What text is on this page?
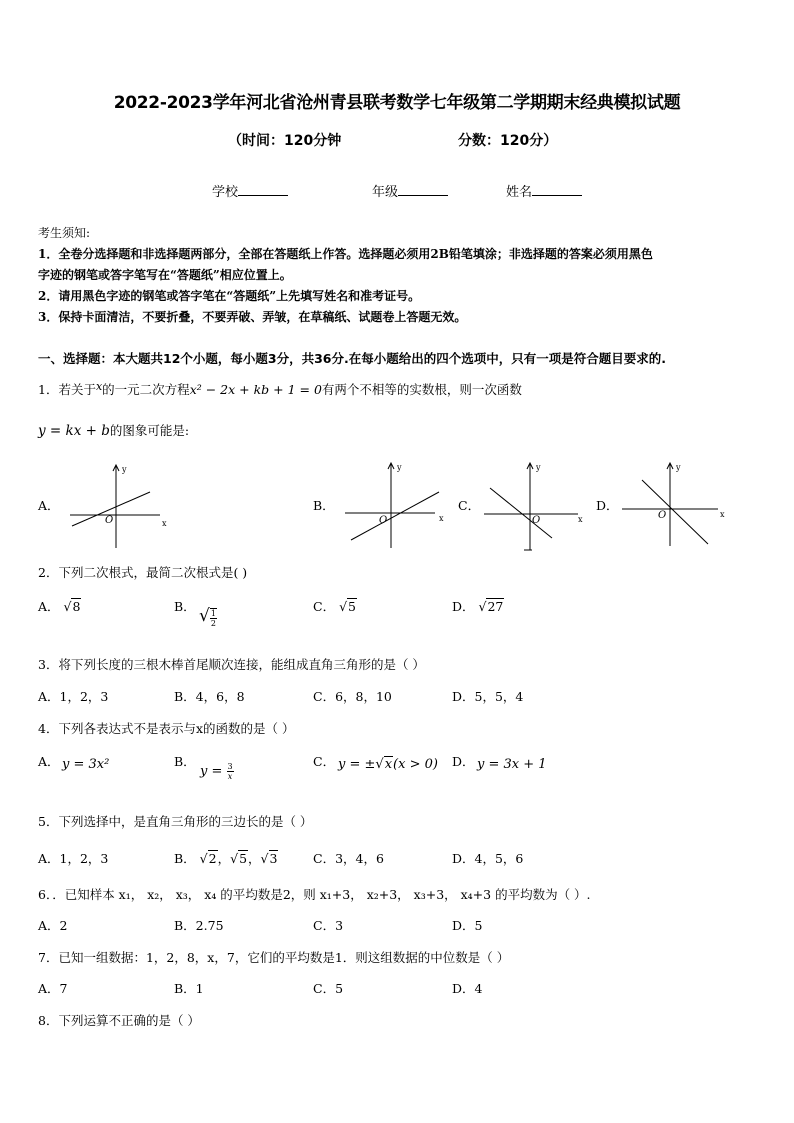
2022-2023学年河北省沧州青县联考数学七年级第二学期期末经典模拟试题
（时间：120分钟	分数：120分）
学校	年级	姓名
考生须知:
1．全卷分选择题和非选择题两部分，全部在答题纸上作答。选择题必须用2B铅笔填涂；非选择题的答案必须用黑色
字迹的钢笔或答字笔写在“答题纸”相应位置上。
2．请用黑色字迹的钢笔或答字笔在“答题纸”上先填写姓名和准考证号。
3．保持卡面清洁，不要折叠，不要弄破、弄皱，在草稿纸、试题卷上答题无效。
一、选择题：本大题共12个小题，每小题3分，共36分.在每小题给出的四个选项中，只有一项是符合题目要求的.
1．若关于x的一元二次方程x² − 2x + kb + 1 = 0有两个不相等的实数根，则一次函数
y = kx + b的图象可能是:
A．
y
x
O
B．
y
x
O
C．
y
x
O
D．
y
x
O
2．下列二次根式，最简二次根式是( )
A． √8	B． √ $\frac{1}{2}$
C． √5	D． √27
3．将下列长度的三根木棒首尾顺次连接，能组成直角三角形的是（ ）
A．1，2，3	B．4，6，8	C．6，8，10	D．5，5，4
4．下列各表达式不是表示与x的函数的是（ ）
A． y = 3x²	B．
$y = \frac{3}{x}$
C． y = ±√x(x > 0) D． y = 3x + 1
5．下列选择中，是直角三角形的三边长的是（ ）
A．1，2，3	B． √2，√5，√3	C．3，4，6	D．4，5，6
6．．已知样本 x₁， x₂， x₃， x₄ 的平均数是2，则 x₁+3， x₂+3， x₃+3， x₄+3 的平均数为（ ）.
A．2	B．2.75	C．3	D．5
7．已知一组数据：1，2，8，x，7，它们的平均数是1．则这组数据的中位数是（ ）
A．7	B．1	C．5	D．4
8．下列运算不正确的是（ ）
